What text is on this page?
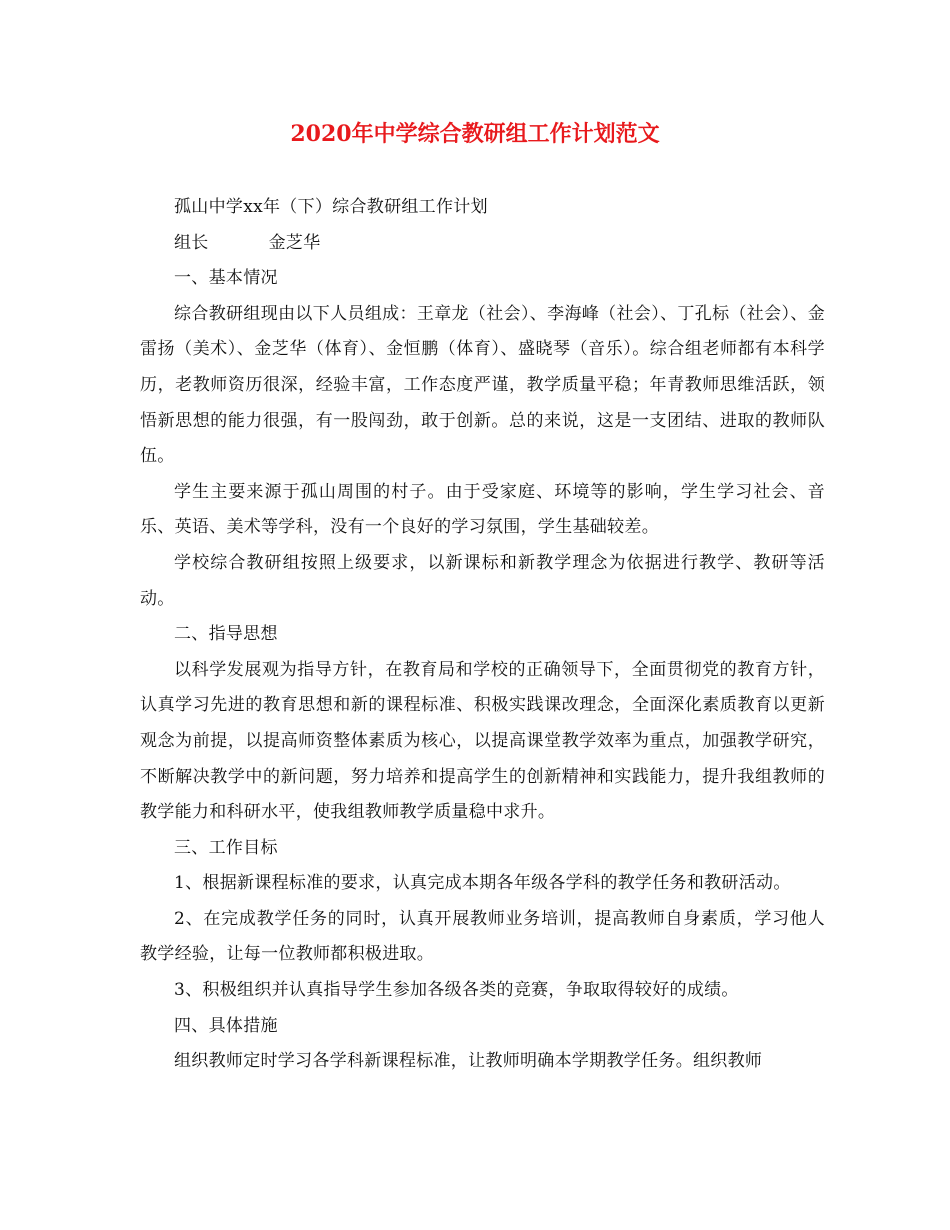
2020年中学综合教研组工作计划范文

孤山中学xx年（下）综合教研组工作计划

组长	金芝华

一、基本情况

综合教研组现由以下人员组成：王章龙（社会）、李海峰（社会）、丁孔标（社会）、金雷扬（美术）、金芝华（体育）、金恒鹏（体育）、盛晓琴（音乐）。综合组老师都有本科学历，老教师资历很深，经验丰富，工作态度严谨，教学质量平稳；年青教师思维活跃，领悟新思想的能力很强，有一股闯劲，敢于创新。总的来说，这是一支团结、进取的教师队伍。

学生主要来源于孤山周围的村子。由于受家庭、环境等的影响，学生学习社会、音乐、英语、美术等学科，没有一个良好的学习氛围，学生基础较差。

学校综合教研组按照上级要求，以新课标和新教学理念为依据进行教学、教研等活动。

二、指导思想

以科学发展观为指导方针，在教育局和学校的正确领导下，全面贯彻党的教育方针，认真学习先进的教育思想和新的课程标准、积极实践课改理念，全面深化素质教育以更新观念为前提，以提高师资整体素质为核心，以提高课堂教学效率为重点，加强教学研究，不断解决教学中的新问题，努力培养和提高学生的创新精神和实践能力，提升我组教师的教学能力和科研水平，使我组教师教学质量稳中求升。

三、工作目标

1、根据新课程标准的要求，认真完成本期各年级各学科的教学任务和教研活动。

2、在完成教学任务的同时，认真开展教师业务培训，提高教师自身素质，学习他人教学经验，让每一位教师都积极进取。

3、积极组织并认真指导学生参加各级各类的竞赛，争取取得较好的成绩。

四、具体措施

组织教师定时学习各学科新课程标准，让教师明确本学期教学任务。组织教师
